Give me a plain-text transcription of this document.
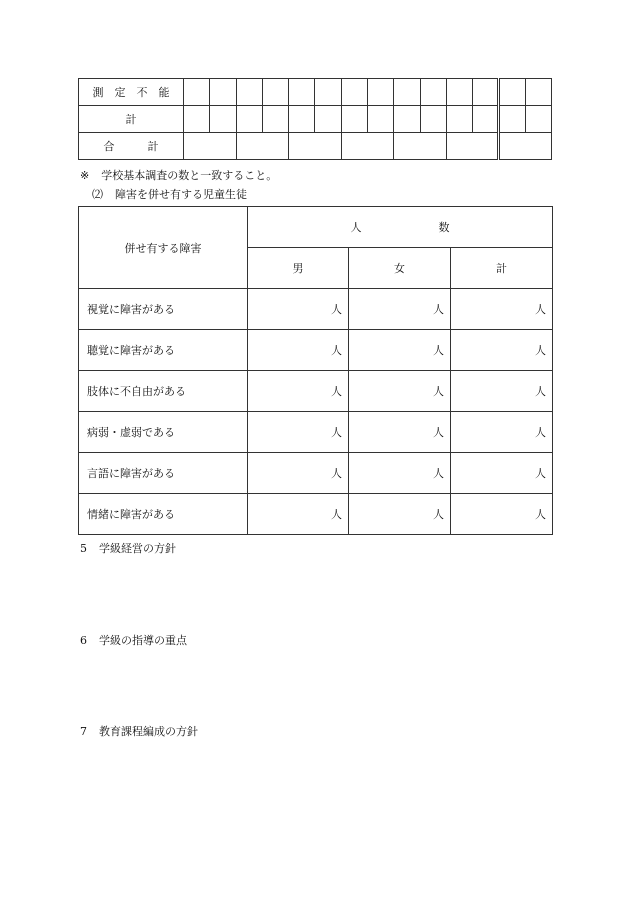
測　定　不　能														
計														
合　　　計														
※ 学校基本調査の数と一致すること。
⑵ 障害を併せ有する児童生徒
併せ有する障害	人　　　　　　　数		
	男	女	計
視覚に障害がある	人	人	人
聴覚に障害がある	人	人	人
肢体に不自由がある	人	人	人
病弱・虚弱である	人	人	人
言語に障害がある	人	人	人
情緒に障害がある	人	人	人
5 学級経営の方針
6 学級の指導の重点
7 教育課程編成の方針
